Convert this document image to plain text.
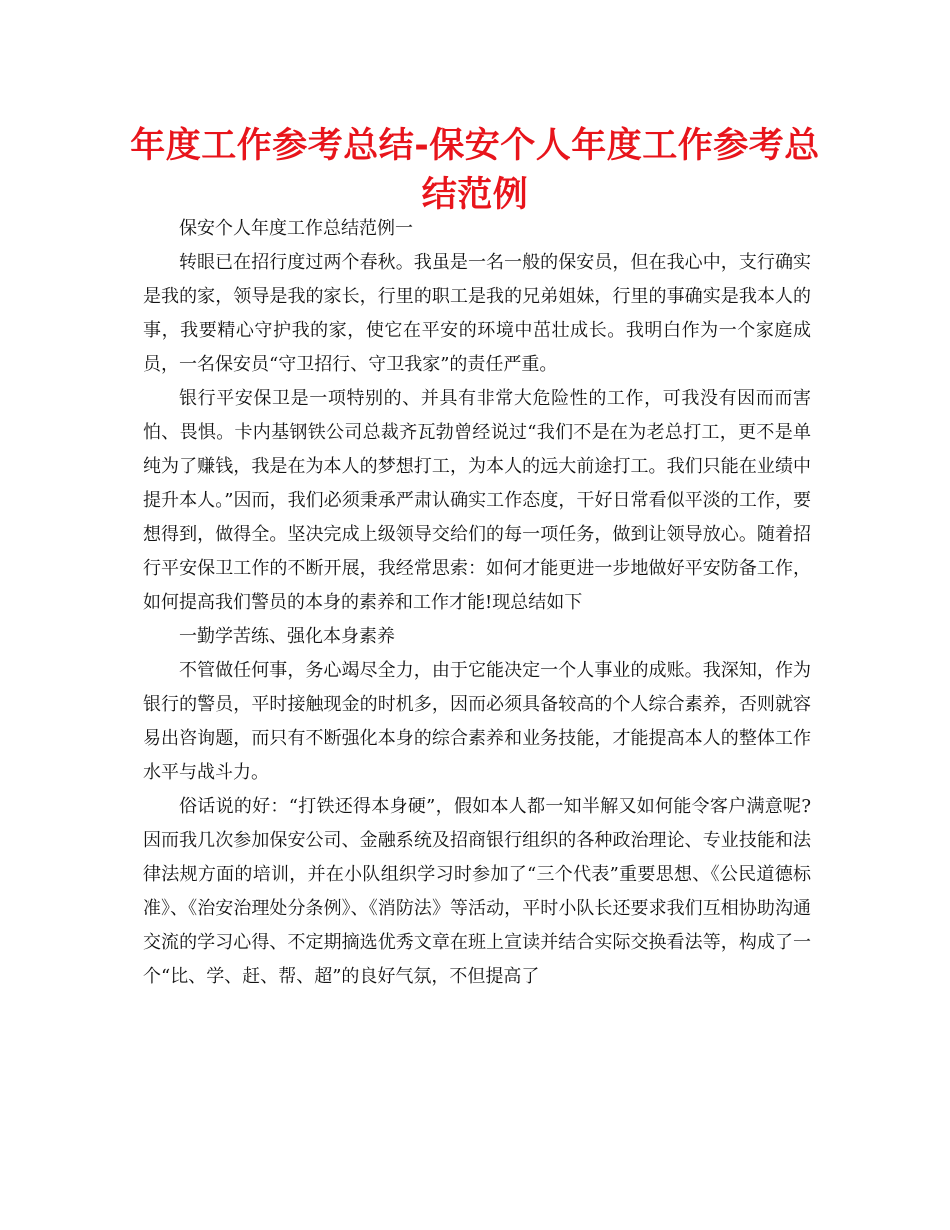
年度工作参考总结-保安个人年度工作参考总结范例

保安个人年度工作总结范例一

转眼已在招行度过两个春秋。我虽是一名一般的保安员，但在我心中，支行确实是我的家，领导是我的家长，行里的职工是我的兄弟姐妹，行里的事确实是我本人的事，我要精心守护我的家，使它在平安的环境中茁壮成长。我明白作为一个家庭成员，一名保安员“守卫招行、守卫我家”的责任严重。

银行平安保卫是一项特别的、并具有非常大危险性的工作，可我没有因而而害怕、畏惧。卡内基钢铁公司总裁齐瓦勃曾经说过“我们不是在为老总打工，更不是单纯为了赚钱，我是在为本人的梦想打工，为本人的远大前途打工。我们只能在业绩中提升本人。”因而，我们必须秉承严肃认确实工作态度，干好日常看似平淡的工作，要想得到，做得全。坚决完成上级领导交给们的每一项任务，做到让领导放心。随着招行平安保卫工作的不断开展，我经常思索：如何才能更进一步地做好平安防备工作，如何提高我们警员的本身的素养和工作才能!现总结如下

一勤学苦练、强化本身素养

不管做任何事，务心竭尽全力，由于它能决定一个人事业的成账。我深知，作为银行的警员，平时接触现金的时机多，因而必须具备较高的个人综合素养，否则就容易出咨询题，而只有不断强化本身的综合素养和业务技能，才能提高本人的整体工作水平与战斗力。

俗话说的好：“打铁还得本身硬”，假如本人都一知半解又如何能令客户满意呢?因而我几次参加保安公司、金融系统及招商银行组织的各种政治理论、专业技能和法律法规方面的培训，并在小队组织学习时参加了“三个代表”重要思想、《公民道德标准》、《治安治理处分条例》、《消防法》等活动，平时小队长还要求我们互相协助沟通交流的学习心得、不定期摘选优秀文章在班上宣读并结合实际交换看法等，构成了一个“比、学、赶、帮、超”的良好气氛，不但提高了
